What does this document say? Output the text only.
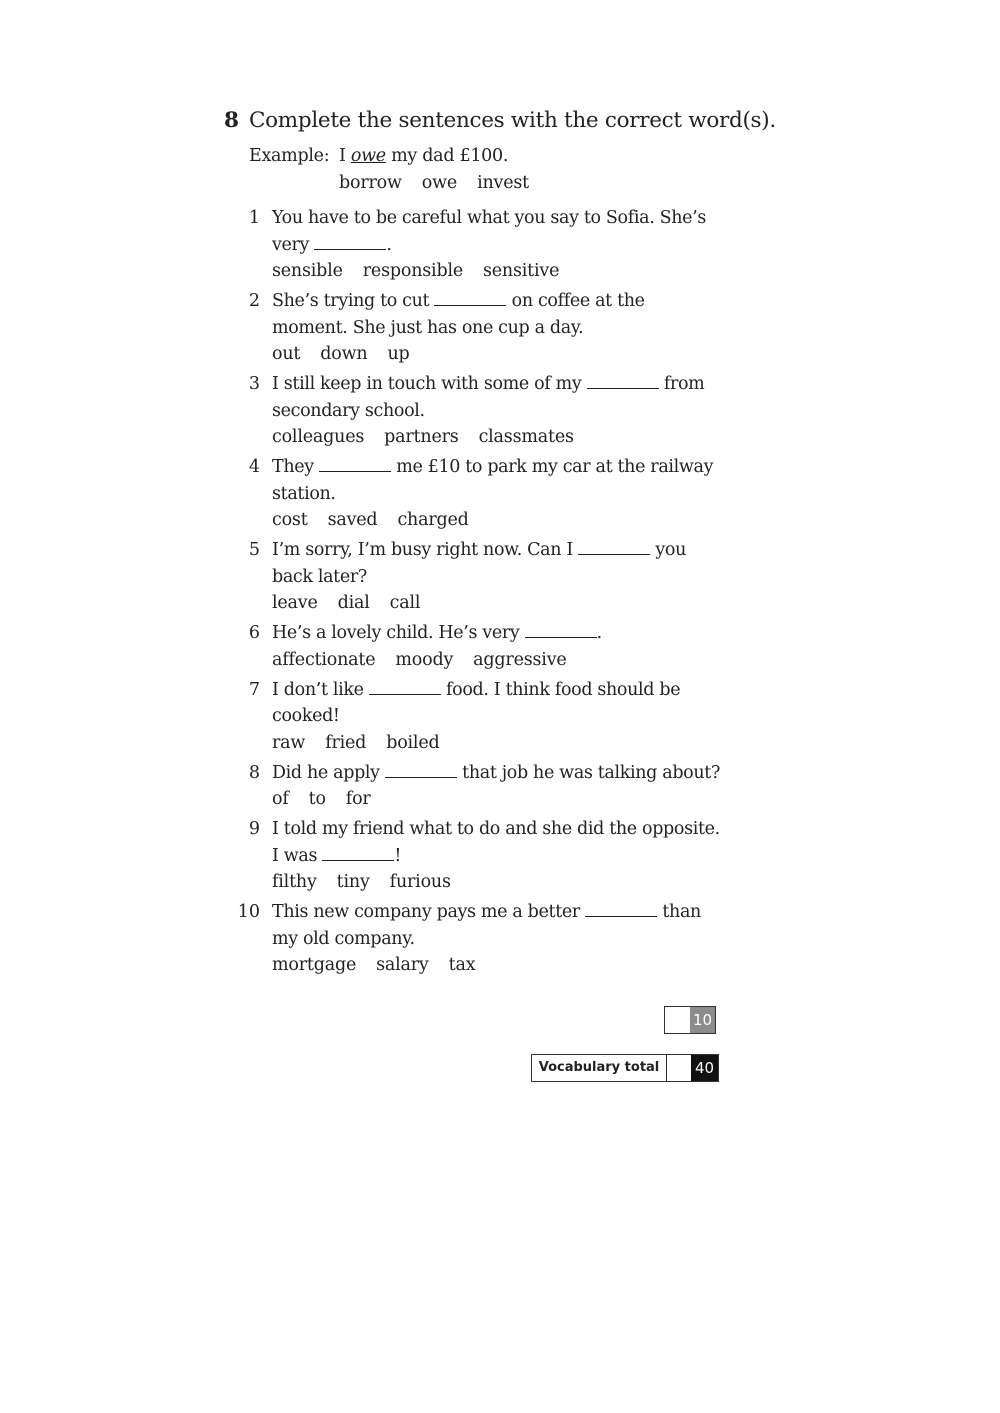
8 Complete the sentences with the correct word(s).
Example: I owe my dad £100.
borrow owe invest
1 You have to be careful what you say to Sofia. She’s very	.
sensible responsible sensitive
2 She’s trying to cut	on coffee at the moment. She just has one cup a day.
out down up
3 I still keep in touch with some of my	from secondary school.
colleagues partners classmates
4 They	me £10 to park my car at the railway station.
cost saved charged
5 I’m sorry, I’m busy right now. Can I	you back later?
leave dial call
6 He’s a lovely child. He’s very	.
affectionate moody aggressive
7 I don’t like	food. I think food should be cooked!
raw fried boiled
8 Did he apply	that job he was talking about?
of to for
9 I told my friend what to do and she did the opposite. I was	!
filthy tiny furious
10 This new company pays me a better	than my old company.
mortgage salary tax
10
Vocabulary total	40
